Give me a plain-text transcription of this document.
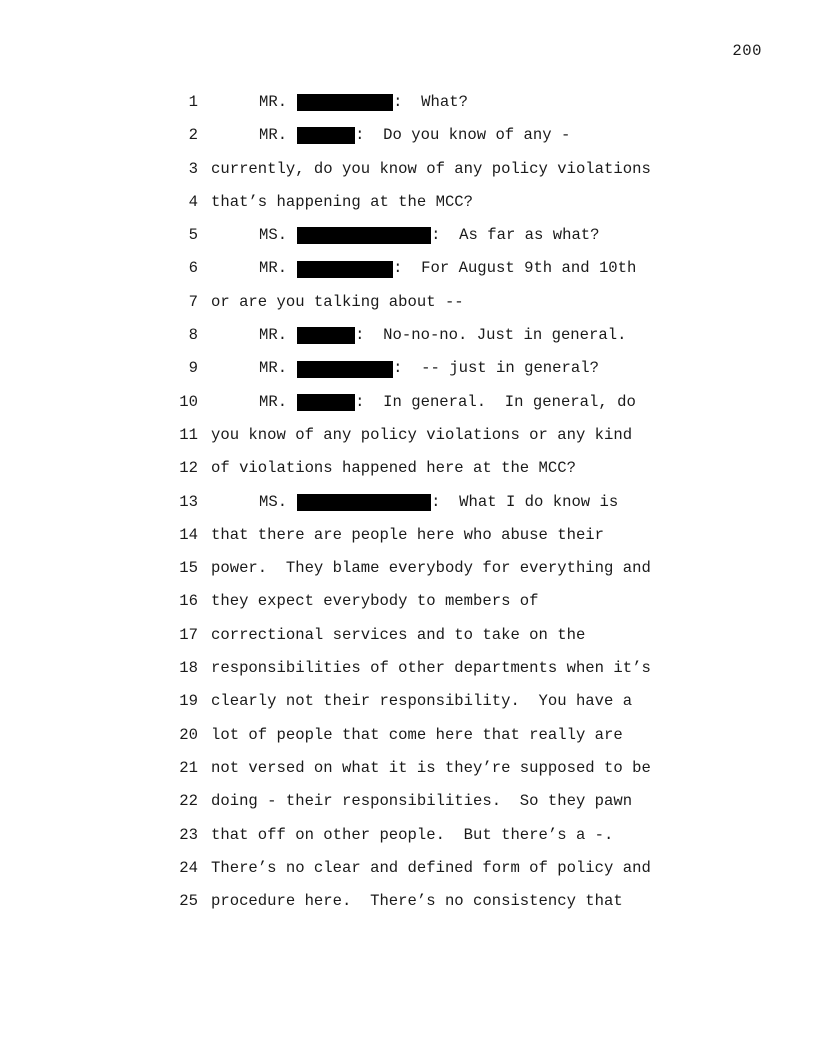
200
1	MR.	:  What?
2	MR.	:  Do you know of any -
3 currently, do you know of any policy violations
4 that’s happening at the MCC?
5	MS.	:  As far as what?
6	MR.	:  For August 9th and 10th
7 or are you talking about --
8	MR.	:  No-no-no. Just in general.
9	MR.	:  -- just in general?
10	MR.	:  In general.  In general, do
11 you know of any policy violations or any kind
12 of violations happened here at the MCC?
13	MS.	:  What I do know is
14 that there are people here who abuse their
15 power.  They blame everybody for everything and
16 they expect everybody to members of
17 correctional services and to take on the
18 responsibilities of other departments when it’s
19 clearly not their responsibility.  You have a
20 lot of people that come here that really are
21 not versed on what it is they’re supposed to be
22 doing - their responsibilities.  So they pawn
23 that off on other people.  But there’s a -.
24 There’s no clear and defined form of policy and
25 procedure here.  There’s no consistency that
